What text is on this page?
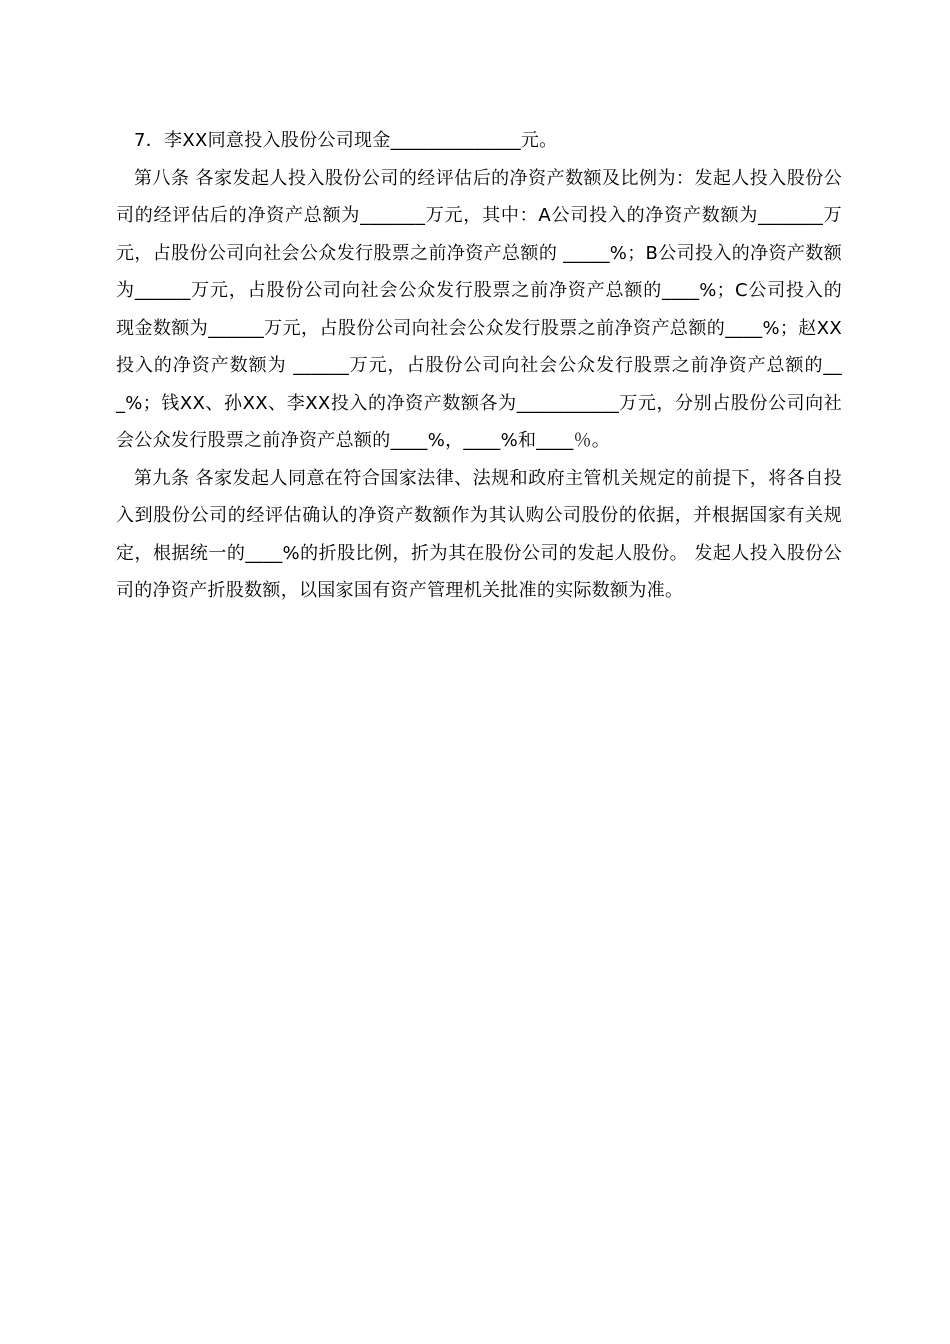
7．李XX同意投入股份公司现金______________元。

第八条 各家发起人投入股份公司的经评估后的净资产数额及比例为：发起人投入股份公司的经评估后的净资产总额为_______万元，其中：A公司投入的净资产数额为_______万元，占股份公司向社会公众发行股票之前净资产总额的 _____%；B公司投入的净资产数额为______万元，占股份公司向社会公众发行股票之前净资产总额的____%；C公司投入的现金数额为______万元，占股份公司向社会公众发行股票之前净资产总额的____%；赵XX投入的净资产数额为 ______万元，占股份公司向社会公众发行股票之前净资产总额的___%；钱XX、孙XX、李XX投入的净资产数额各为___________万元，分别占股份公司向社会公众发行股票之前净资产总额的____%，____%和____％。

第九条 各家发起人同意在符合国家法律、法规和政府主管机关规定的前提下，将各自投入到股份公司的经评估确认的净资产数额作为其认购公司股份的依据，并根据国家有关规定，根据统一的____%的折股比例，折为其在股份公司的发起人股份。 发起人投入股份公司的净资产折股数额，以国家国有资产管理机关批准的实际数额为准。
